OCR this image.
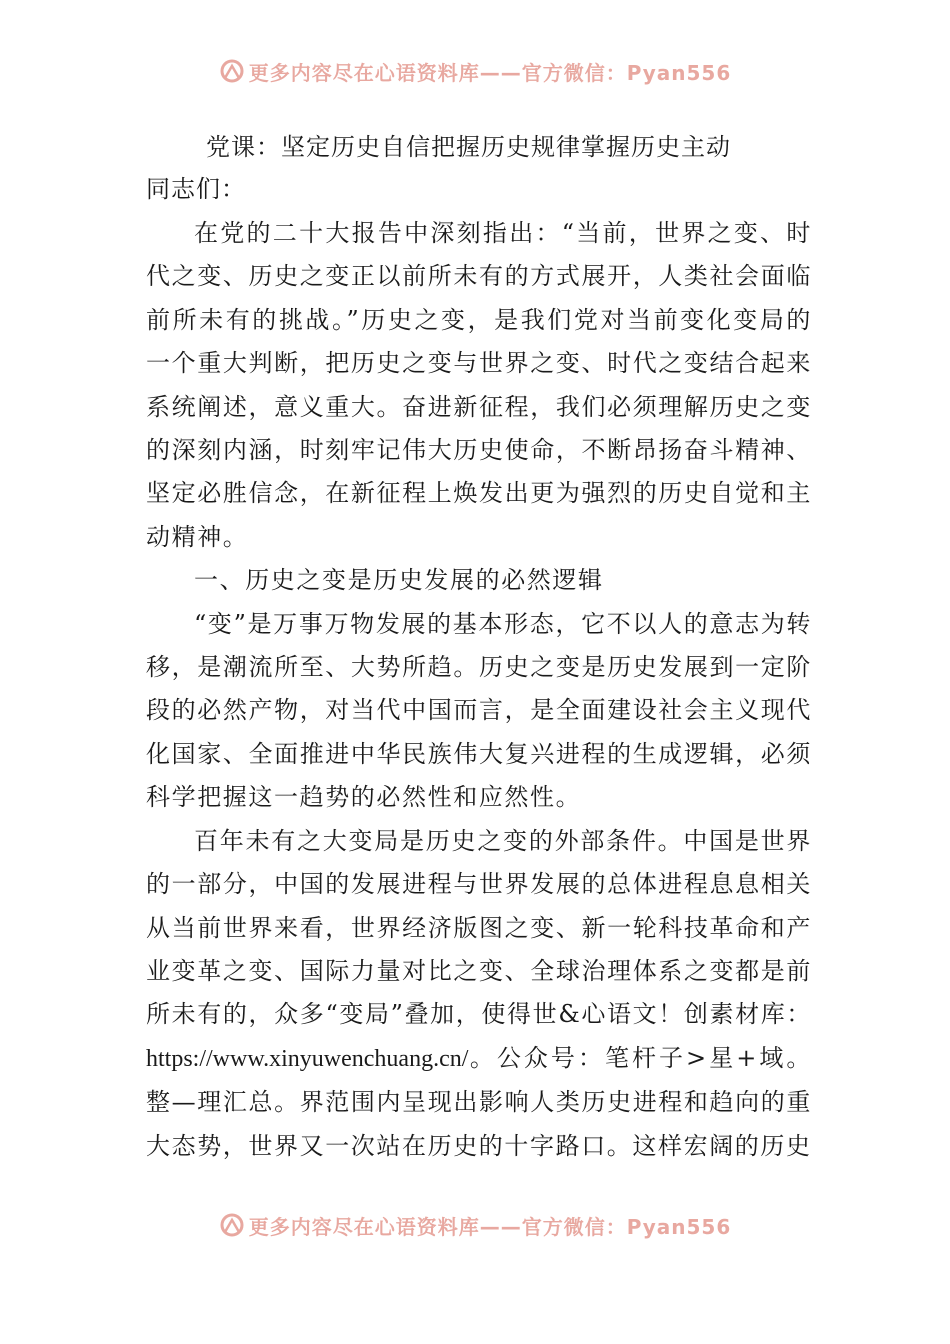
更多内容尽在心语资料库——官方微信：Pyan556
党课：坚定历史自信把握历史规律掌握历史主动

同志们：

在党的二十大报告中深刻指出：“当前，世界之变、时代之变、历史之变正以前所未有的方式展开，人类社会面临前所未有的挑战。”历史之变，是我们党对当前变化变局的一个重大判断，把历史之变与世界之变、时代之变结合起来系统阐述，意义重大。奋进新征程，我们必须理解历史之变的深刻内涵，时刻牢记伟大历史使命，不断昂扬奋斗精神、坚定必胜信念，在新征程上焕发出更为强烈的历史自觉和主动精神。

一、历史之变是历史发展的必然逻辑

“变”是万事万物发展的基本形态，它不以人的意志为转移，是潮流所至、大势所趋。历史之变是历史发展到一定阶段的必然产物，对当代中国而言，是全面建设社会主义现代化国家、全面推进中华民族伟大复兴进程的生成逻辑，必须科学把握这一趋势的必然性和应然性。

百年未有之大变局是历史之变的外部条件。中国是世界的一部分，中国的发展进程与世界发展的总体进程息息相关从当前世界来看，世界经济版图之变、新一轮科技革命和产业变革之变、国际力量对比之变、全球治理体系之变都是前所未有的，众多“变局”叠加，使得世&心语文！创素材库：https://www.xinyuwenchuang.cn/。公众号：笔杆子>星+域。整—理汇总。界范围内呈现出影响人类历史进程和趋向的重大态势，世界又一次站在历史的十字路口。这样宏阔的历史

更多内容尽在心语资料库——官方微信：Pyan556
